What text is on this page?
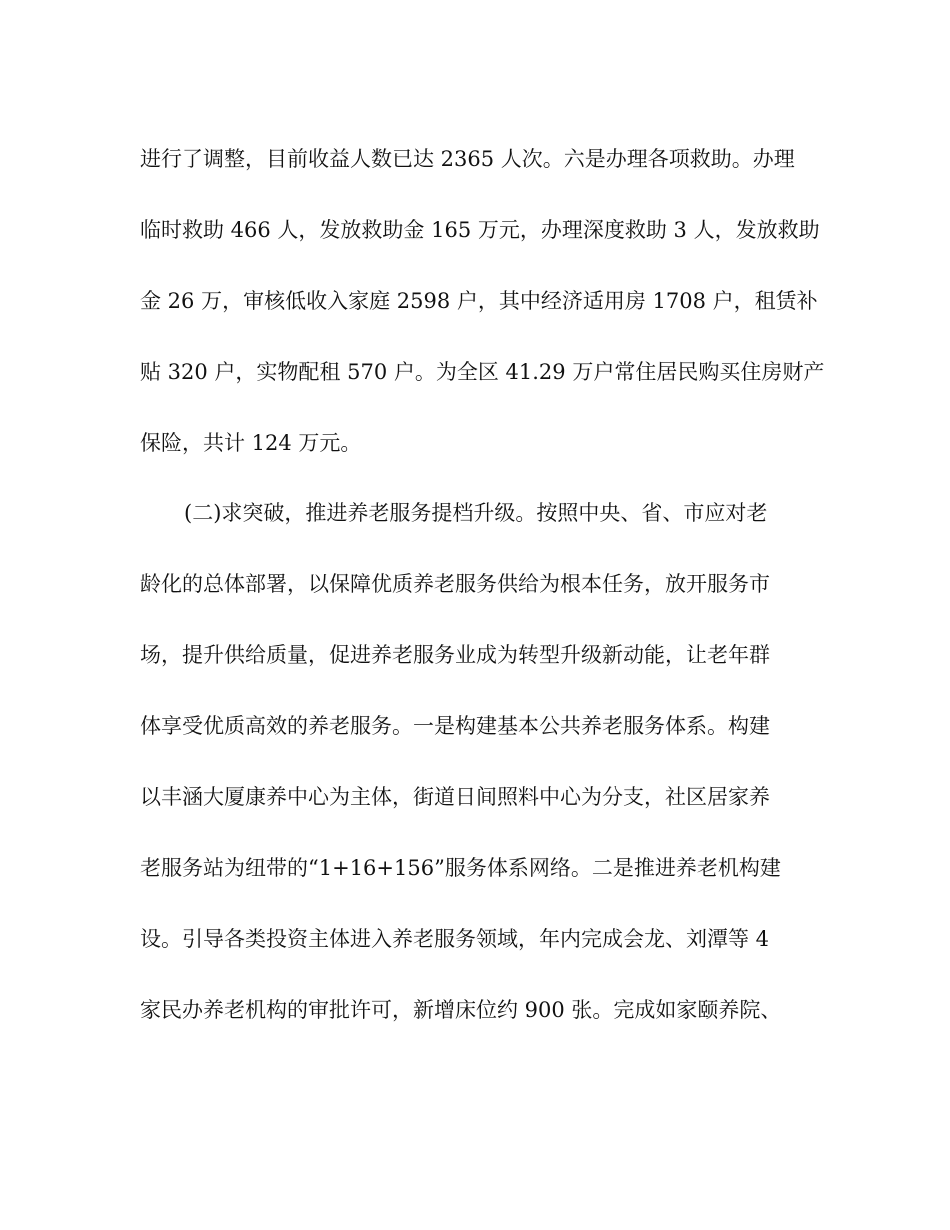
进行了调整，目前收益人数已达 2365 人次。六是办理各项救助。办理
临时救助 466 人，发放救助金 165 万元，办理深度救助 3 人，发放救助
金 26 万，审核低收入家庭 2598 户，其中经济适用房 1708 户，租赁补
贴 320 户，实物配租 570 户。为全区 41.29 万户常住居民购买住房财产
保险，共计 124 万元。
(二)求突破，推进养老服务提档升级。按照中央、省、市应对老
龄化的总体部署，以保障优质养老服务供给为根本任务，放开服务市
场，提升供给质量，促进养老服务业成为转型升级新动能，让老年群
体享受优质高效的养老服务。一是构建基本公共养老服务体系。构建
以丰涵大厦康养中心为主体，街道日间照料中心为分支，社区居家养
老服务站为纽带的“1+16+156”服务体系网络。二是推进养老机构建
设。引导各类投资主体进入养老服务领域，年内完成会龙、刘潭等 4
家民办养老机构的审批许可，新增床位约 900 张。完成如家颐养院、
